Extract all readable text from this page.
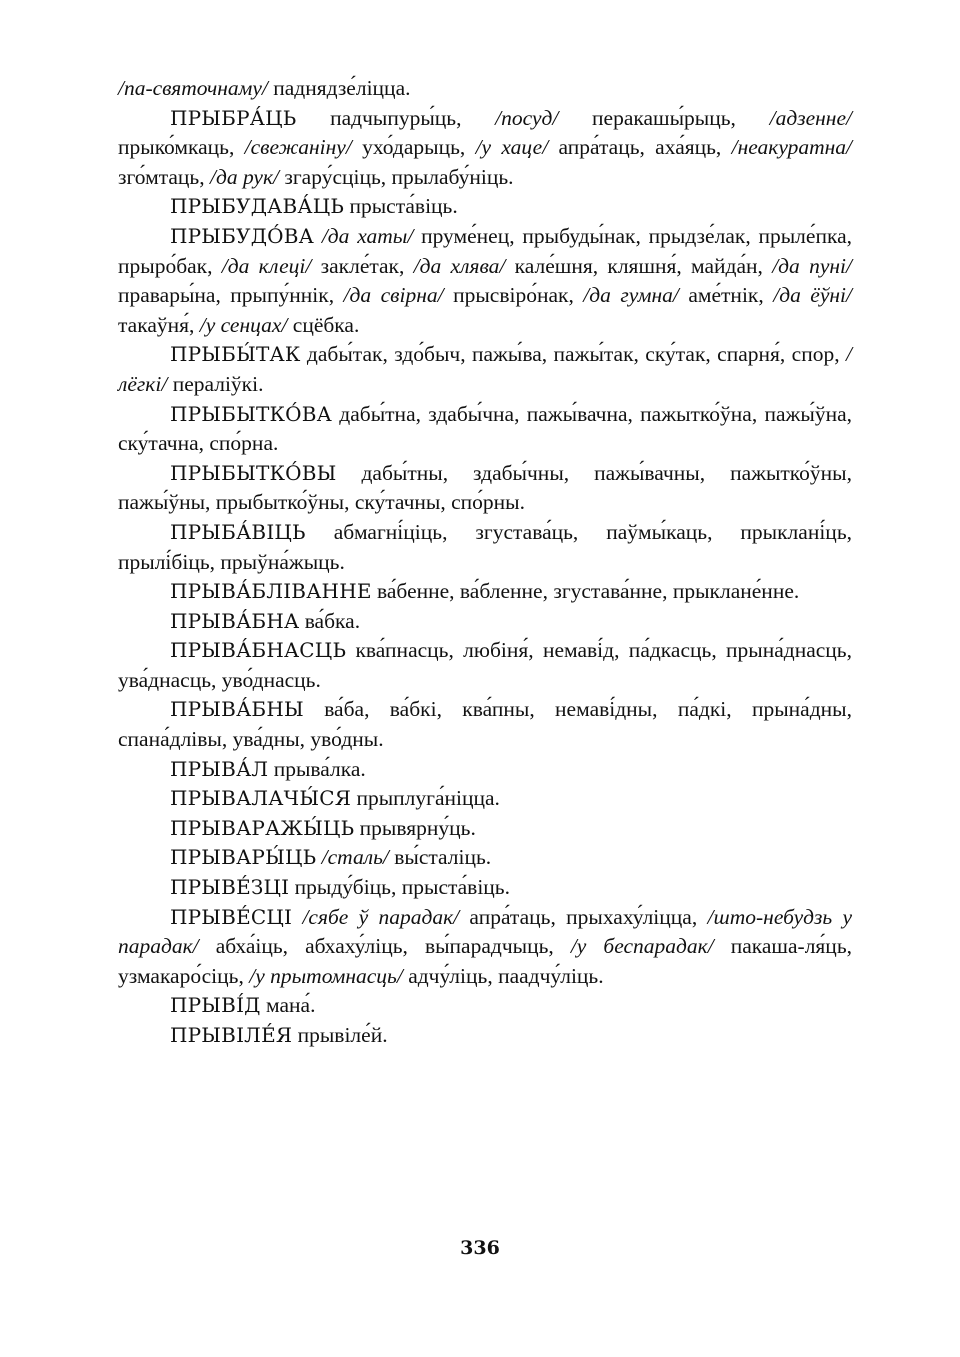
/па-святочнаму/ паднядзе́ліцца.

ПРЫБРА́ЦЬ падчыпуры́ць, /посуд/ перакашы́рыць, /адзенне/ прыко́мкаць, /свежаніну/ ухо́дарыць, /у хаце/ апра́таць, аха́яць, /неакуратна/ зго́мтаць, /да рук/ згару́сціць, прылабу́ніць.

ПРЫБУДАВА́ЦЬ прыста́віць.

ПРЫБУДО́ВА /да хаты/ пруме́нец, прыбуды́нак, прыдзе́лак, прыле́пка, прыро́бак, /да клеці/ закле́так, /да хлява/ кале́шня, кляшня́, майда́н, /да пуні/ правары́на, прыпу́ннік, /да свірна/ прысвіро́нак, /да гумна/ аме́тнік, /да ёўні/ такаўня́, /у сенцах/ сцёбка.

ПРЫБЫ́ТАК дабы́так, здо́быч, пажы́ва, пажы́так, ску́так, спарня́, спор, /лёгкі/ пераліўкі.

ПРЫБЫТКО́ВА дабы́тна, здабы́чна, пажы́вачна, пажытко́ўна, пажы́ўна, ску́тачна, спо́рна.

ПРЫБЫТКО́ВЫ дабы́тны, здабы́чны, пажы́вачны, пажытко́ўны, пажы́ўны, прыбытко́ўны, ску́тачны, спо́рны.

ПРЫБА́ВІЦЬ абмагні́ціць, згустава́ць, паўмы́каць, прыклані́ць, прылі́біць, прыўна́жыць.

ПРЫВА́БЛІВАННЕ ва́бенне, ва́бленне, згустава́нне, прыклане́нне.

ПРЫВА́БНА ва́бка.

ПРЫВА́БНАСЦЬ ква́пнасць, любіня́, немаві́д, па́дкасць, прына́днасць, ува́днасць, уво́днасць.

ПРЫВА́БНЫ ва́ба, ва́бкі, ква́пны, немаві́дны, па́дкі, прына́дны, спана́длівы, ува́дны, уво́дны.

ПРЫВА́Л прыва́лка.

ПРЫВАЛАЧЫ́СЯ прыплуга́ніцца.

ПРЫВАРАЖЫ́ЦЬ прывярну́ць.

ПРЫВАРЫ́ЦЬ /сталь/ вы́сталіць.

ПРЫВЕ́ЗЦІ прыду́біць, прыста́віць.

ПРЫВЕ́СЦІ /сябе ў парадак/ апра́таць, прыхаху́ліцца, /што-небудзь у парадак/ абха́іць, абхаху́ліць, вы́парадчыць, /у беспарадак/ пакаша-ля́ць, узмакаро́сіць, /у прытомнасць/ адчу́ліць, паадчу́ліць.

ПРЫВІ́Д мана́.

ПРЫВІЛЕ́Я прывіле́й.

336
